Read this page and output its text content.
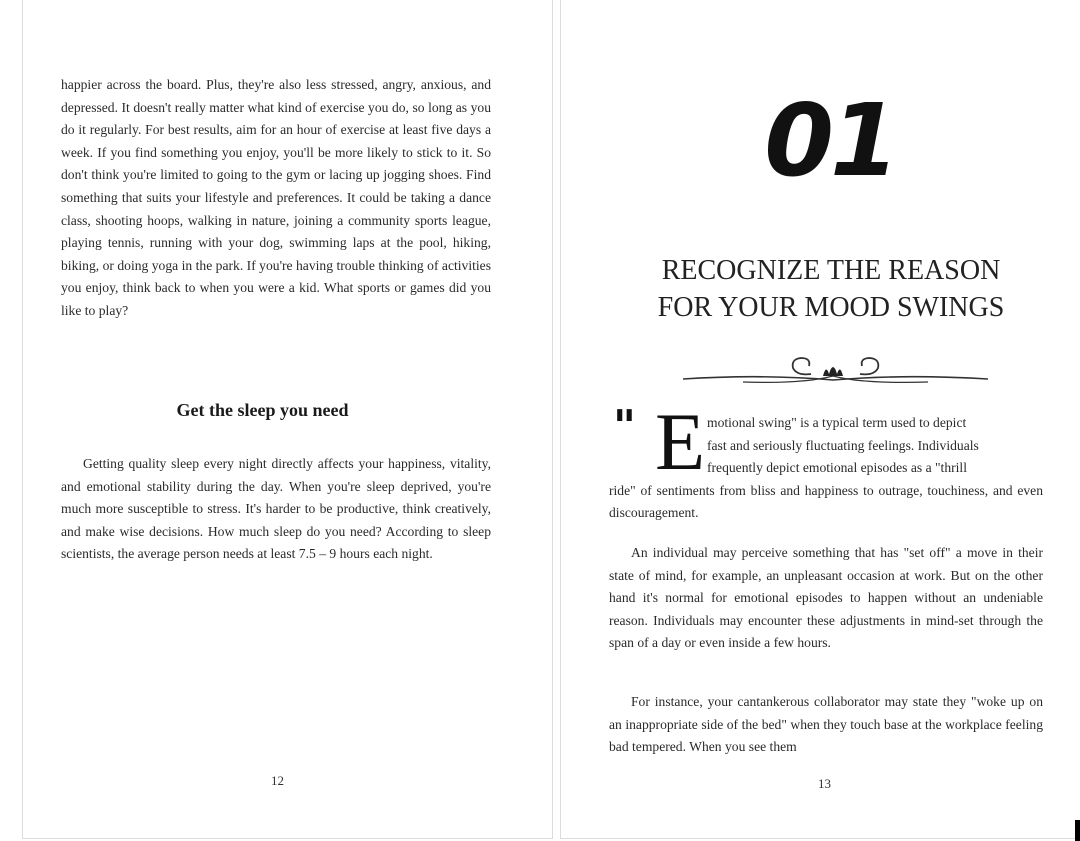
happier across the board. Plus, they're also less stressed, angry, anxious, and depressed. It doesn't really matter what kind of exercise you do, so long as you do it regularly. For best results, aim for an hour of exercise at least five days a week. If you find something you enjoy, you'll be more likely to stick to it. So don't think you're limited to going to the gym or lacing up jogging shoes. Find something that suits your lifestyle and preferences. It could be taking a dance class, shooting hoops, walking in nature, joining a community sports league, playing tennis, running with your dog, swimming laps at the pool, hiking, biking, or doing yoga in the park. If you're having trouble thinking of activities you enjoy, think back to when you were a kid. What sports or games did you like to play?
Get the sleep you need
Getting quality sleep every night directly affects your happiness, vitality, and emotional stability during the day. When you're sleep deprived, you're much more susceptible to stress. It's harder to be productive, think creatively, and make wise decisions. How much sleep do you need? According to sleep scientists, the average person needs at least 7.5 – 9 hours each night.
12
01
RECOGNIZE THE REASON
FOR YOUR MOOD SWINGS
" E motional swing" is a typical term used to depict
fast and seriously fluctuating feelings. Individuals
frequently depict emotional episodes as a "thrill
ride" of sentiments from bliss and happiness to outrage, touchiness, and even discouragement.
An individual may perceive something that has "set off" a move in their state of mind, for example, an unpleasant occasion at work. But on the other hand it's normal for emotional episodes to happen without an undeniable reason. Individuals may encounter these adjustments in mind-set through the span of a day or even inside a few hours.
For instance, your cantankerous collaborator may state they "woke up on an inappropriate side of the bed" when they touch base at the workplace feeling bad tempered. When you see them
13
